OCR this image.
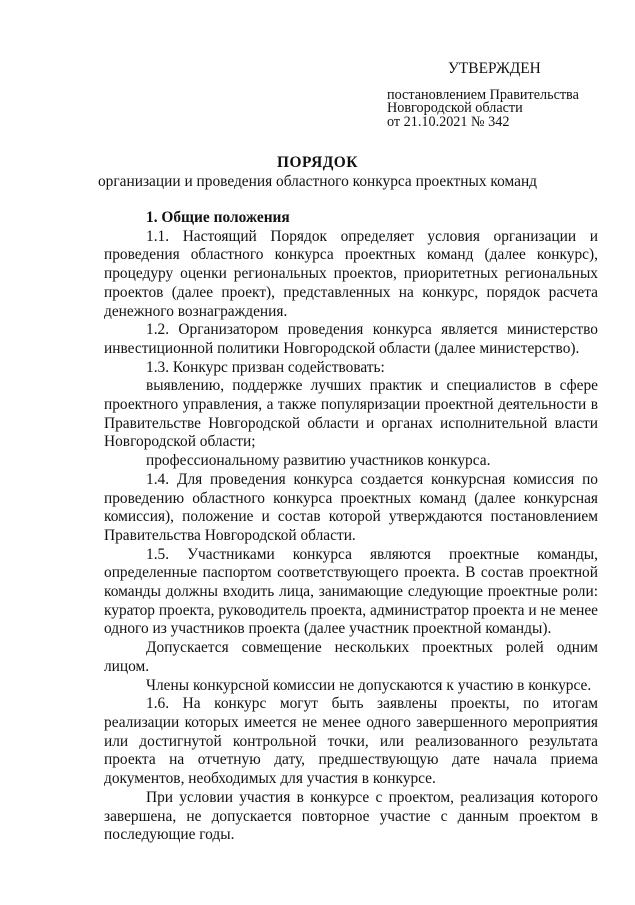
УТВЕРЖДЕН
постановлением Правительства
Новгородской области
от 21.10.2021 № 342
ПОРЯДОК
организации и проведения областного конкурса проектных команд
1. Общие положения

1.1. Настоящий Порядок определяет условия организации и проведения областного конкурса проектных команд (далее конкурс), процедуру оценки региональных проектов, приоритетных региональных проектов (далее проект), представленных на конкурс, порядок расчета денежного вознаграждения.

1.2. Организатором проведения конкурса является министерство инвестиционной политики Новгородской области (далее министерство).

1.3. Конкурс призван содействовать:

выявлению, поддержке лучших практик и специалистов в сфере проектного управления, а также популяризации проектной деятельности в Правительстве Новгородской области и органах исполнительной власти Новгородской области;

профессиональному развитию участников конкурса.

1.4. Для проведения конкурса создается конкурсная комиссия по проведению областного конкурса проектных команд (далее конкурсная комиссия), положение и состав которой утверждаются постановлением Правительства Новгородской области.

1.5. Участниками конкурса являются проектные команды, определенные паспортом соответствующего проекта. В состав проектной команды должны входить лица, занимающие следующие проектные роли: куратор проекта, руководитель проекта, администратор проекта и не менее одного из участников проекта (далее участник проектной команды).

Допускается совмещение нескольких проектных ролей одним лицом.

Члены конкурсной комиссии не допускаются к участию в конкурсе.

1.6. На конкурс могут быть заявлены проекты, по итогам реализации которых имеется не менее одного завершенного мероприятия или достигнутой контрольной точки, или реализованного результата проекта на отчетную дату, предшествующую дате начала приема документов, необходимых для участия в конкурсе.

При условии участия в конкурсе с проектом, реализация которого завершена, не допускается повторное участие с данным проектом в последующие годы.
